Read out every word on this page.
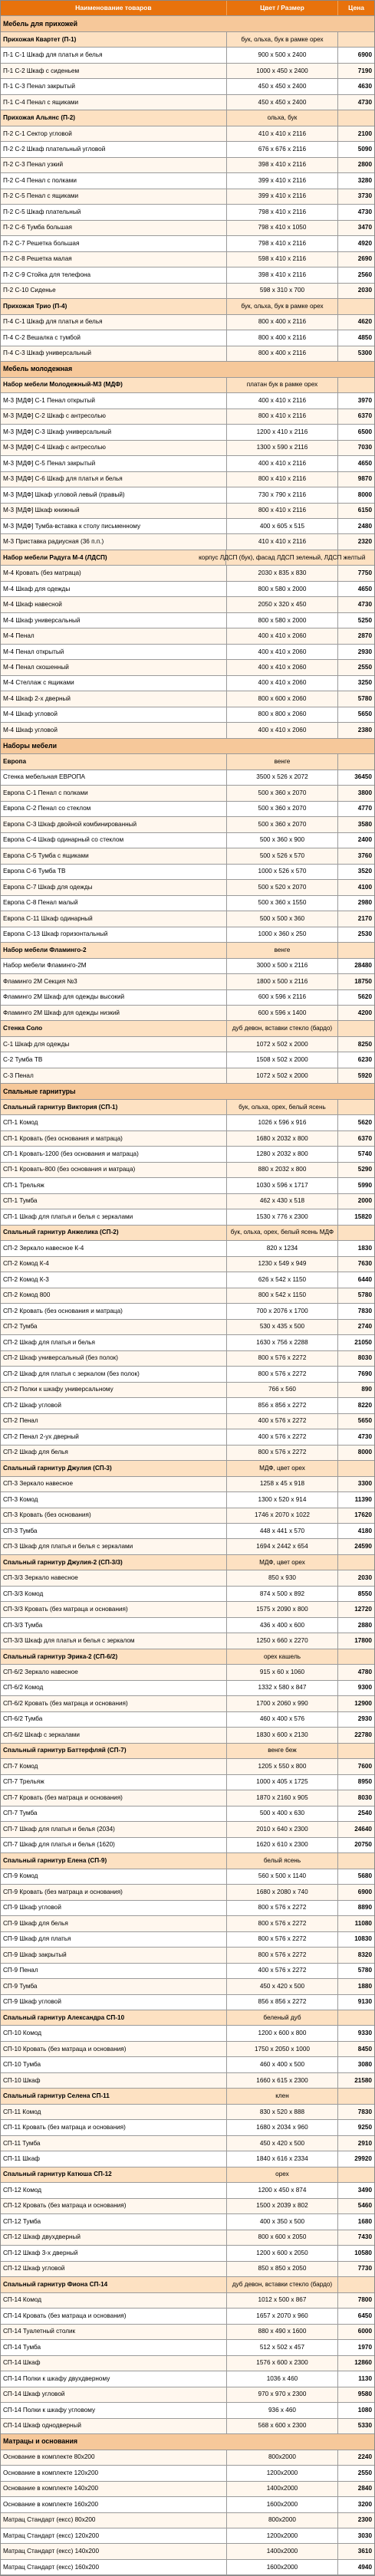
Наименование товаров	Цвет / Размер	Цена
Мебель для прихожей
Прихожая Квартет (П-1)	бук, ольха, бук в рамке орех
П-1 С-1 Шкаф для платья и белья	900 x 500 x 2400	6900
П-1 С-2 Шкаф с сиденьем	1000 x 450 x 2400	7190
П-1 С-3 Пенал закрытый	450 x 450 x 2400	4630
П-1 С-4 Пенал с ящиками	450 x 450 x 2400	4730
Прихожая Альянс (П-2)	ольха, бук
П-2 С-1 Сектор угловой	410 x 410 x 2116	2100
П-2 С-2 Шкаф плательный угловой	676 x 676 x 2116	5090
П-2 С-3 Пенал узкий	398 x 410 x 2116	2800
П-2 С-4 Пенал с полками	399 x 410 x 2116	3280
П-2 С-5 Пенал с ящиками	399 x 410 x 2116	3730
П-2 С-5 Шкаф плательный	798 x 410 x 2116	4730
П-2 С-6 Тумба большая	798 x 410 x 1050	3470
П-2 С-7 Решетка большая	798 x 410 x 2116	4920
П-2 С-8 Решетка малая	598 x 410 x 2116	2690
П-2 С-9 Стойка для телефона	398 x 410 x 2116	2560
П-2 С-10 Сиденье	598 x 310 x 700	2030
Прихожая Трио (П-4)	бук, ольха, бук в рамке орех
П-4 С-1 Шкаф для платья и белья	800 x 400 x 2116	4620
П-4 С-2 Вешалка с тумбой	800 x 400 x 2116	4850
П-4 С-3 Шкаф универсальный	800 x 400 x 2116	5300
Мебель молодежная
Набор мебели Молодежный-М3 (МДФ)	платан бук в рамке орех
М-3 [МДФ] С-1 Пенал открытый	400 x 410 x 2116	3970
М-3 [МДФ] С-2 Шкаф с антресолью	800 x 410 x 2116	6370
М-3 [МДФ] С-3 Шкаф универсальный	1200 x 410 x 2116	6500
М-3 [МДФ] С-4 Шкаф с антресолью	1300 x 590 x 2116	7030
М-3 [МДФ] С-5 Пенал закрытый	400 x 410 x 2116	4650
М-3 [МДФ] С-6 Шкаф для платья и белья	800 x 410 x 2116	9870
М-3 [МДФ] Шкаф угловой левый (правый)	730 x 790 x 2116	8000
М-3 [МДФ] Шкаф книжный	800 x 410 x 2116	6150
М-3 [МДФ] Тумба-вставка к столу письменному	400 x 605 x 515	2480
М-3 Приставка радиусная (36 п.п.)	410 x 410 x 2116	2320
Набор мебели Радуга М-4 (ЛДСП)	корпус ЛДСП (бук), фасад ЛДСП зеленый, ЛДСП желтый
М-4 Кровать (без матраца)	2030 x 835 x 830	7750
М-4 Шкаф для одежды	800 x 580 x 2000	4650
М-4 Шкаф навесной	2050 x 320 x 450	4730
М-4 Шкаф универсальный	800 x 580 x 2000	5250
М-4 Пенал	400 x 410 x 2060	2870
М-4 Пенал открытый	400 x 410 x 2060	2930
М-4 Пенал скошенный	400 x 410 x 2060	2550
М-4 Стеллаж с ящиками	400 x 410 x 2060	3250
М-4 Шкаф 2-х дверный	800 x 600 x 2060	5780
М-4 Шкаф угловой	800 x 800 x 2060	5650
М-4 Шкаф угловой	400 x 410 x 2060	2380
Наборы мебели
Европа	венге
Стенка мебельная ЕВРОПА	3500 x 526 x 2072	36450
Европа С-1 Пенал с полками	500 x 360 x 2070	3800
Европа С-2 Пенал со стеклом	500 x 360 x 2070	4770
Европа С-3 Шкаф двойной комбинированный	500 x 360 x 2070	3580
Европа С-4 Шкаф одинарный со стеклом	500 x 360 x 900	2400
Европа С-5 Тумба с ящиками	500 x 526 x 570	3760
Европа С-6 Тумба ТВ	1000 x 526 x 570	3520
Европа С-7 Шкаф для одежды	500 x 520 x 2070	4100
Европа С-8 Пенал малый	500 x 360 x 1550	2980
Европа С-11 Шкаф одинарный	500 x 500 x 360	2170
Европа С-13 Шкаф горизонтальный	1000 x 360 x 250	2530
Набор мебели Фламинго-2	венге
Набор мебели Фламинго-2М	3000 x 500 x 2116	28480
Фламинго 2М Секция №3	1800 x 500 x 2116	18750
Фламинго 2М Шкаф для одежды высокий	600 x 596 x 2116	5620
Фламинго 2М Шкаф для одежды низкий	600 x 596 x 1400	4200
Стенка Соло	дуб девон, вставки стекло (бардо)
С-1 Шкаф для одежды	1072 x 502 x 2000	8250
С-2 Тумба ТВ	1508 x 502 x 2000	6230
С-3 Пенал	1072 x 502 x 2000	5920
Спальные гарнитуры
Спальный гарнитур Виктория (СП-1)	бук, ольха, орех, белый ясень
СП-1 Комод	1026 x 596 x 916	5620
СП-1 Кровать (без основания и матраца)	1680 x 2032 x 800	6370
СП-1 Кровать-1200 (без основания и матраца)	1280 x 2032 x 800	5740
СП-1 Кровать-800 (без основания и матраца)	880 x 2032 x 800	5290
СП-1 Трельяж	1030 x 596 x 1717	5990
СП-1 Тумба	462 x 430 x 518	2000
СП-1 Шкаф для платья и белья с зеркалами	1530 x 776 x 2300	15820
Спальный гарнитур Анжелика (СП-2)	бук, ольха, орех, белый ясень МДФ
СП-2 Зеркало навесное К-4	820 x 1234	1830
СП-2 Комод К-4	1230 x 549 x 949	7630
СП-2 Комод К-3	626 x 542 x 1150	6440
СП-2 Комод 800	800 x 542 x 1150	5780
СП-2 Кровать (без основания и матраца)	700 x 2076 x 1700	7830
СП-2 Тумба	530 x 435 x 500	2740
СП-2 Шкаф для платья и белья	1630 x 756 x 2288	21050
СП-2 Шкаф универсальный (без полок)	800 x 576 x 2272	8030
СП-2 Шкаф для платья с зеркалом (без полок)	800 x 576 x 2272	7690
СП-2 Полки к шкафу универсальному	766 x 560	890
СП-2 Шкаф угловой	856 x 856 x 2272	8220
СП-2 Пенал	400 x 576 x 2272	5650
СП-2 Пенал 2-ух дверный	400 x 576 x 2272	4730
СП-2 Шкаф для белья	800 x 576 x 2272	8000
Спальный гарнитур Джулия (СП-3)	МДФ, цвет орех
СП-3 Зеркало навесное	1258 x 45 x 918	3300
СП-3 Комод	1300 x 520 x 914	11390
СП-3 Кровать (без основания)	1746 x 2070 x 1022	17620
СП-3 Тумба	448 x 441 x 570	4180
СП-3 Шкаф для платья и белья с зеркалами	1694 x 2442 x 654	24590
Спальный гарнитур Джулия-2 (СП-3/3)	МДФ, цвет орех
СП-3/3 Зеркало навесное	850 x 930	2030
СП-3/3 Комод	874 x 500 x 892	8550
СП-3/3 Кровать (без матраца и основания)	1575 x 2090 x 800	12720
СП-3/3 Тумба	436 x 400 x 600	2880
СП-3/3 Шкаф для платья и белья с зеркалом	1250 x 660 x 2270	17800
Спальный гарнитур Эрика-2 (СП-6/2)	орех кашель
СП-6/2 Зеркало навесное	915 x 60 x 1060	4780
СП-6/2 Комод	1332 x 580 x 847	9300
СП-6/2 Кровать (без матраца и основания)	1700 x 2060 x 990	12900
СП-6/2 Тумба	460 x 400 x 576	2930
СП-6/2 Шкаф с зеркалами	1830 x 600 x 2130	22780
Спальный гарнитур Баттерфляй (СП-7)	венге беж
СП-7 Комод	1205 x 550 x 800	7600
СП-7 Трельяж	1000 x 405 x 1725	8950
СП-7 Кровать (без матраца и основания)	1870 x 2160 x 905	8030
СП-7 Тумба	500 x 400 x 630	2540
СП-7 Шкаф для платья и белья (2034)	2010 x 640 x 2300	24640
СП-7 Шкаф для платья и белья (1620)	1620 x 610 x 2300	20750
Спальный гарнитур Елена (СП-9)	белый ясень
СП-9 Комод	560 x 500 x 1140	5680
СП-9 Кровать (без матраца и основания)	1680 x 2080 x 740	6900
СП-9 Шкаф угловой	800 x 576 x 2272	8890
СП-9 Шкаф для белья	800 x 576 x 2272	11080
СП-9 Шкаф для платья	800 x 576 x 2272	10830
СП-9 Шкаф закрытый	800 x 576 x 2272	8320
СП-9 Пенал	400 x 576 x 2272	5780
СП-9 Тумба	450 x 420 x 500	1880
СП-9 Шкаф угловой	856 x 856 x 2272	9130
Спальный гарнитур Александра СП-10	беленый дуб
СП-10 Комод	1200 x 600 x 800	9330
СП-10 Кровать (без матраца и основания)	1750 x 2050 x 1000	8450
СП-10 Тумба	460 x 400 x 500	3080
СП-10 Шкаф	1660 x 615 x 2300	21580
Спальный гарнитур Селена СП-11	клен
СП-11 Комод	830 x 520 x 888	7830
СП-11 Кровать (без матраца и основания)	1680 x 2034 x 960	9250
СП-11 Тумба	450 x 420 x 500	2910
СП-11 Шкаф	1840 x 616 x 2334	29920
Спальный гарнитур Катюша СП-12	орех
СП-12 Комод	1200 x 450 x 874	3490
СП-12 Кровать (без матраца и основания)	1500 x 2039 x 802	5460
СП-12 Тумба	400 x 350 x 500	1680
СП-12 Шкаф двухдверный	800 x 600 x 2050	7430
СП-12 Шкаф 3-х дверный	1200 x 600 x 2050	10580
СП-12 Шкаф угловой	850 x 850 x 2050	7730
Спальный гарнитур Фиона СП-14	дуб девон, вставки стекло (бардо)
СП-14 Комод	1012 x 500 x 867	7800
СП-14 Кровать (без матраца и основания)	1657 x 2070 x 960	6450
СП-14 Туалетный столик	880 x 490 x 1600	6000
СП-14 Тумба	512 x 502 x 457	1970
СП-14 Шкаф	1576 x 600 x 2300	12860
СП-14 Полки к шкафу двухдверному	1036 x 460	1130
СП-14 Шкаф угловой	970 x 970 x 2300	9580
СП-14 Полки к шкафу угловому	936 x 460	1080
СП-14 Шкаф однодверный	568 x 600 x 2300	5330
Матрацы и основания
Основание в комплекте 80x200	800x2000	2240
Основание в комплекте 120x200	1200x2000	2550
Основание в комплекте 140x200	1400x2000	2840
Основание в комплекте 160x200	1600x2000	3200
Матрац Стандарт (ексс) 80x200	800x2000	2300
Матрац Стандарт (ексс) 120x200	1200x2000	3030
Матрац Стандарт (ексс) 140x200	1400x2000	3610
Матрац Стандарт (ексс) 160x200	1600x2000	4940
